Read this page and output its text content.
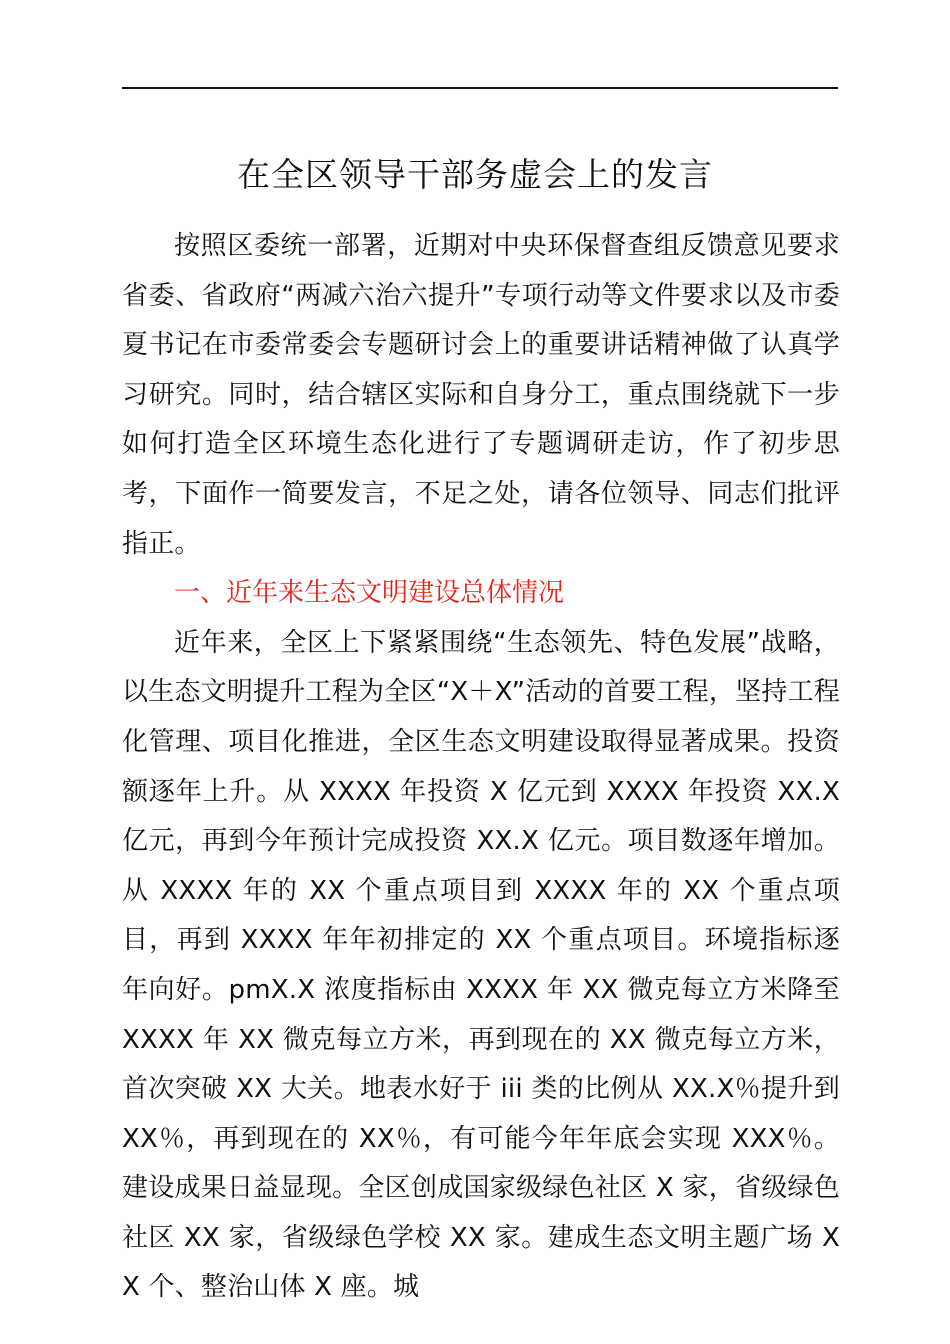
在全区领导干部务虚会上的发言

按照区委统一部署，近期对中央环保督查组反馈意见要求省委、省政府“两减六治六提升”专项行动等文件要求以及市委夏书记在市委常委会专题研讨会上的重要讲话精神做了认真学习研究。同时，结合辖区实际和自身分工，重点围绕就下一步如何打造全区环境生态化进行了专题调研走访，作了初步思考，下面作一简要发言，不足之处，请各位领导、同志们批评指正。

一、近年来生态文明建设总体情况

近年来，全区上下紧紧围绕“生态领先、特色发展”战略，以生态文明提升工程为全区“X＋X”活动的首要工程，坚持工程化管理、项目化推进，全区生态文明建设取得显著成果。投资额逐年上升。从 XXXX 年投资 X 亿元到 XXXX 年投资 XX.X 亿元，再到今年预计完成投资 XX.X 亿元。项目数逐年增加。从 XXXX 年的 XX 个重点项目到 XXXX 年的 XX 个重点项目，再到 XXXX 年年初排定的 XX 个重点项目。环境指标逐年向好。pmX.X 浓度指标由 XXXX 年 XX 微克每立方米降至 XXXX 年 XX 微克每立方米，再到现在的 XX 微克每立方米，首次突破 XX 大关。地表水好于 iii 类的比例从 XX.X％提升到 XX％，再到现在的 XX％，有可能今年年底会实现 XXX％。建设成果日益显现。全区创成国家级绿色社区 X 家，省级绿色社区 XX 家，省级绿色学校 XX 家。建成生态文明主题广场 XX 个、整治山体 X 座。城
